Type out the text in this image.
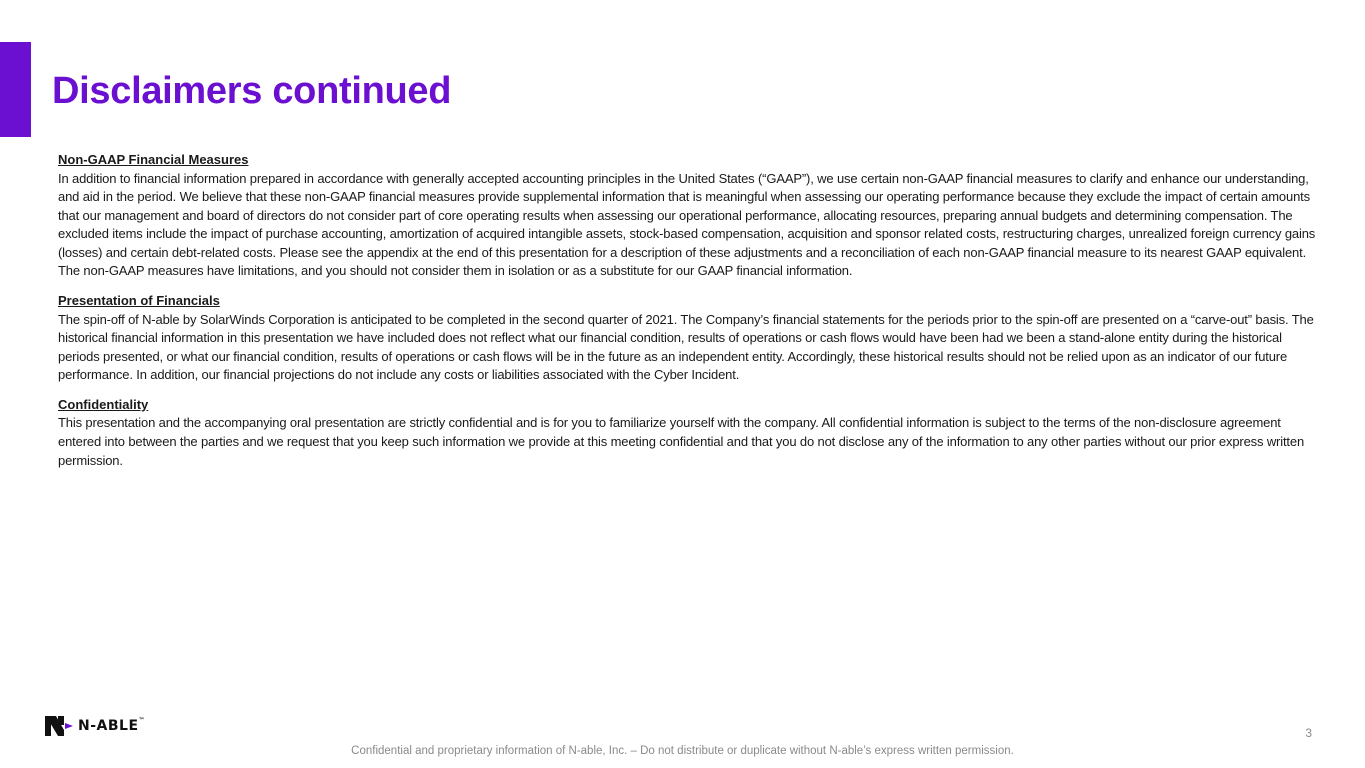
Disclaimers continued

Non-GAAP Financial Measures

In addition to financial information prepared in accordance with generally accepted accounting principles in the United States (“GAAP”), we use certain non-GAAP financial measures to clarify and enhance our understanding, and aid in the period. We believe that these non-GAAP financial measures provide supplemental information that is meaningful when assessing our operating performance because they exclude the impact of certain amounts that our management and board of directors do not consider part of core operating results when assessing our operational performance, allocating resources, preparing annual budgets and determining compensation. The excluded items include the impact of purchase accounting, amortization of acquired intangible assets, stock-based compensation, acquisition and sponsor related costs, restructuring charges, unrealized foreign currency gains (losses) and certain debt-related costs. Please see the appendix at the end of this presentation for a description of these adjustments and a reconciliation of each non-GAAP financial measure to its nearest GAAP equivalent. The non-GAAP measures have limitations, and you should not consider them in isolation or as a substitute for our GAAP financial information.

Presentation of Financials

The spin-off of N-able by SolarWinds Corporation is anticipated to be completed in the second quarter of 2021. The Company’s financial statements for the periods prior to the spin-off are presented on a “carve-out” basis. The historical financial information in this presentation we have included does not reflect what our financial condition, results of operations or cash flows would have been had we been a stand-alone entity during the historical periods presented, or what our financial condition, results of operations or cash flows will be in the future as an independent entity. Accordingly, these historical results should not be relied upon as an indicator of our future performance. In addition, our financial projections do not include any costs or liabilities associated with the Cyber Incident.

Confidentiality

This presentation and the accompanying oral presentation are strictly confidential and is for you to familiarize yourself with the company. All confidential information is subject to the terms of the non-disclosure agreement entered into between the parties and we request that you keep such information we provide at this meeting confidential and that you do not disclose any of the information to any other parties without our prior express written permission.

N-ABLE™
3
Confidential and proprietary information of N-able, Inc. – Do not distribute or duplicate without N-able’s express written permission.
